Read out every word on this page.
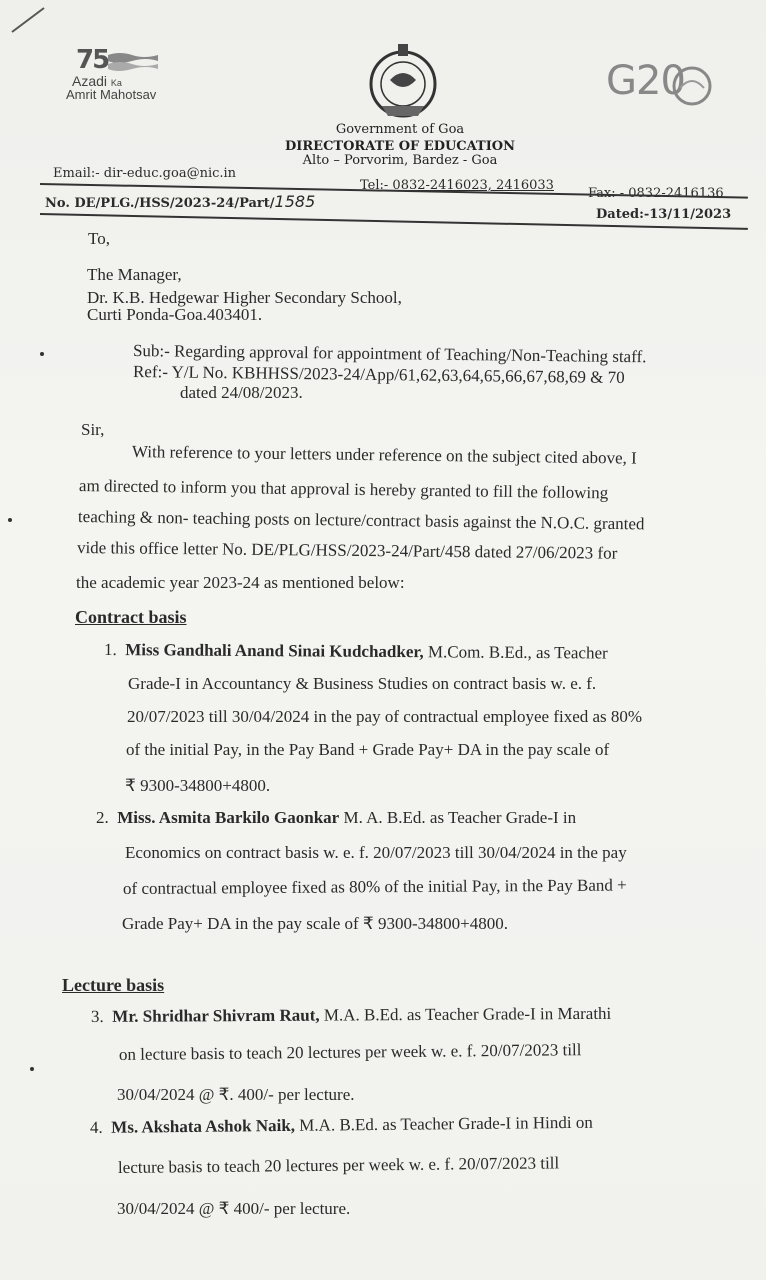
75
Azadi Ka
Amrit Mahotsav	G20
Government of Goa
DIRECTORATE OF EDUCATION
Alto – Porvorim, Bardez - Goa
Email:- dir-educ.goa@nic.in
Tel:- 0832-2416023, 2416033
Fax: - 0832-2416136
No. DE/PLG./HSS/2023-24/Part/1585
Dated:-13/11/2023
To,
The Manager,
Dr. K.B. Hedgewar Higher Secondary School,
Curti Ponda-Goa.403401.
Sub:- Regarding approval for appointment of Teaching/Non-Teaching staff.
Ref:- Y/L No. KBHHSS/2023-24/App/61,62,63,64,65,66,67,68,69 & 70
dated 24/08/2023.
Sir,
With reference to your letters under reference on the subject cited above, I
am directed to inform you that approval is hereby granted to fill the following
teaching & non- teaching posts on lecture/contract basis against the N.O.C. granted
vide this office letter No. DE/PLG/HSS/2023-24/Part/458 dated 27/06/2023 for
the academic year 2023-24 as mentioned below:
Contract basis
1. Miss Gandhali Anand Sinai Kudchadker, M.Com. B.Ed., as Teacher
Grade-I in Accountancy & Business Studies on contract basis w. e. f.
20/07/2023 till 30/04/2024 in the pay of contractual employee fixed as 80%
of the initial Pay, in the Pay Band + Grade Pay+ DA in the pay scale of
₹ 9300-34800+4800.
2. Miss. Asmita Barkilo Gaonkar M. A. B.Ed. as Teacher Grade-I in
Economics on contract basis w. e. f. 20/07/2023 till 30/04/2024 in the pay
of contractual employee fixed as 80% of the initial Pay, in the Pay Band +
Grade Pay+ DA in the pay scale of ₹ 9300-34800+4800.
Lecture basis
3. Mr. Shridhar Shivram Raut, M.A. B.Ed. as Teacher Grade-I in Marathi
on lecture basis to teach 20 lectures per week w. e. f. 20/07/2023 till
30/04/2024 @ ₹. 400/- per lecture.
4. Ms. Akshata Ashok Naik, M.A. B.Ed. as Teacher Grade-I in Hindi on
lecture basis to teach 20 lectures per week w. e. f. 20/07/2023 till
30/04/2024 @ ₹ 400/- per lecture.
